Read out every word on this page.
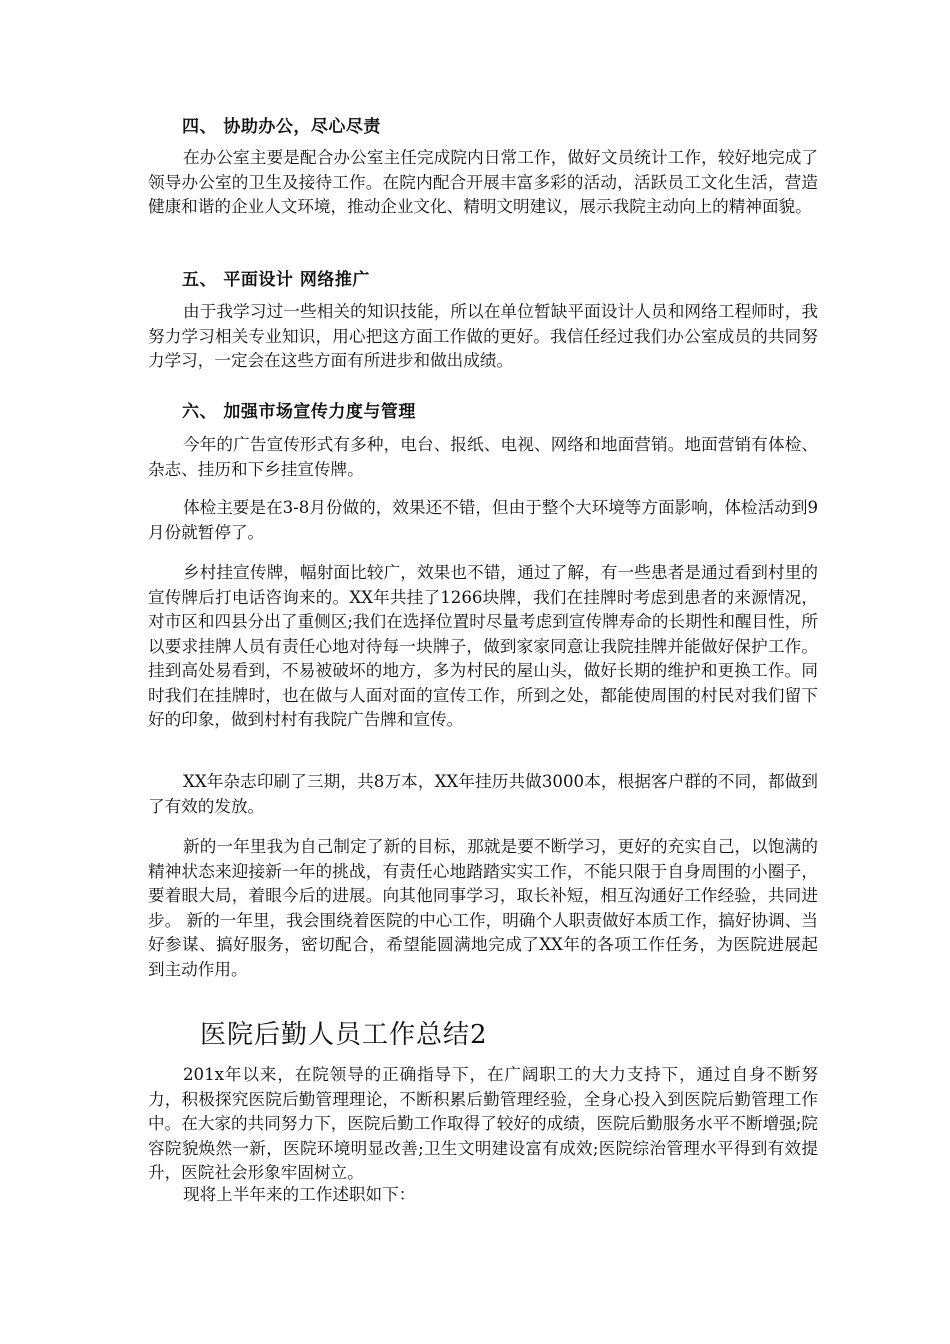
四、 协助办公，尽心尽责

在办公室主要是配合办公室主任完成院内日常工作，做好文员统计工作，较好地完成了领导办公室的卫生及接待工作。在院内配合开展丰富多彩的活动，活跃员工文化生活，营造健康和谐的企业人文环境，推动企业文化、精明文明建议，展示我院主动向上的精神面貌。

五、 平面设计 网络推广

由于我学习过一些相关的知识技能，所以在单位暂缺平面设计人员和网络工程师时，我努力学习相关专业知识，用心把这方面工作做的更好。我信任经过我们办公室成员的共同努力学习，一定会在这些方面有所进步和做出成绩。

六、 加强市场宣传力度与管理

今年的广告宣传形式有多种，电台、报纸、电视、网络和地面营销。地面营销有体检、杂志、挂历和下乡挂宣传牌。

体检主要是在3-8月份做的，效果还不错，但由于整个大环境等方面影响，体检活动到9月份就暂停了。

乡村挂宣传牌，幅射面比较广，效果也不错，通过了解，有一些患者是通过看到村里的宣传牌后打电话咨询来的。XX年共挂了1266块牌，我们在挂牌时考虑到患者的来源情况，对市区和四县分出了重侧区;我们在选择位置时尽量考虑到宣传牌寿命的长期性和醒目性，所以要求挂牌人员有责任心地对待每一块牌子，做到家家同意让我院挂牌并能做好保护工作。挂到高处易看到，不易被破坏的地方，多为村民的屋山头，做好长期的维护和更换工作。同时我们在挂牌时，也在做与人面对面的宣传工作，所到之处，都能使周围的村民对我们留下好的印象，做到村村有我院广告牌和宣传。

XX年杂志印刷了三期，共8万本，XX年挂历共做3000本，根据客户群的不同，都做到了有效的发放。

新的一年里我为自己制定了新的目标，那就是要不断学习，更好的充实自己，以饱满的精神状态来迎接新一年的挑战，有责任心地踏踏实实工作，不能只限于自身周围的小圈子，要着眼大局，着眼今后的进展。向其他同事学习，取长补短，相互沟通好工作经验，共同进步。 新的一年里，我会围绕着医院的中心工作，明确个人职责做好本质工作，搞好协调、当好参谋、搞好服务，密切配合，希望能圆满地完成了XX年的各项工作任务，为医院进展起到主动作用。

医院后勤人员工作总结2

201x年以来，在院领导的正确指导下，在广阔职工的大力支持下，通过自身不断努力，积极探究医院后勤管理理论，不断积累后勤管理经验，全身心投入到医院后勤管理工作中。在大家的共同努力下，医院后勤工作取得了较好的成绩，医院后勤服务水平不断增强;院容院貌焕然一新，医院环境明显改善;卫生文明建设富有成效;医院综治管理水平得到有效提升，医院社会形象牢固树立。

现将上半年来的工作述职如下：
